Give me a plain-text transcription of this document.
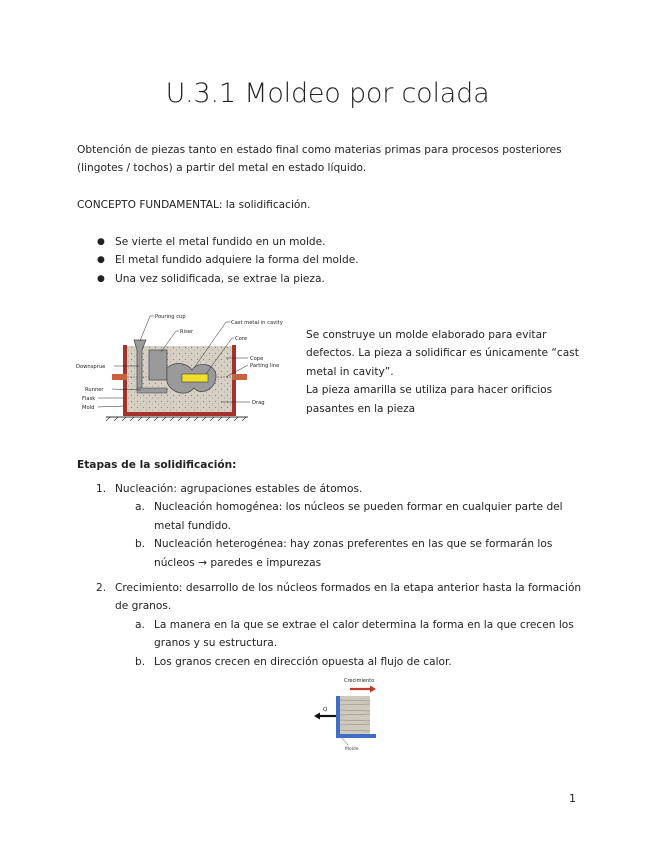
U.3.1 Moldeo por colada
Obtención de piezas tanto en estado final como materias primas para procesos posteriores
(lingotes / tochos) a partir del metal en estado líquido.
CONCEPTO FUNDAMENTAL: la solidificación.
● Se vierte el metal fundido en un molde.
● El metal fundido adquiere la forma del molde.
● Una vez solidificada, se extrae la pieza.
Pouring cup
Riser
Cast metal in cavity
Core
Cope
Parting line
Downsprue
Runner
Flask
Mold
Drag
Se construye un molde elaborado para evitar
defectos. La pieza a solidificar es únicamente “cast
metal in cavity”.
La pieza amarilla se utiliza para hacer orificios
pasantes en la pieza
Etapas de la solidificación:
1. Nucleación: agrupaciones estables de átomos.
a. Nucleación homogénea: los núcleos se pueden formar en cualquier parte del
metal fundido.
b. Nucleación heterogénea: hay zonas preferentes en las que se formarán los
núcleos → paredes e impurezas
2. Crecimiento: desarrollo de los núcleos formados en la etapa anterior hasta la formación
de granos.
a. La manera en la que se extrae el calor determina la forma en la que crecen los
granos y su estructura.
b. Los granos crecen en dirección opuesta al flujo de calor.
Crecimiento
Q
Molde
1
